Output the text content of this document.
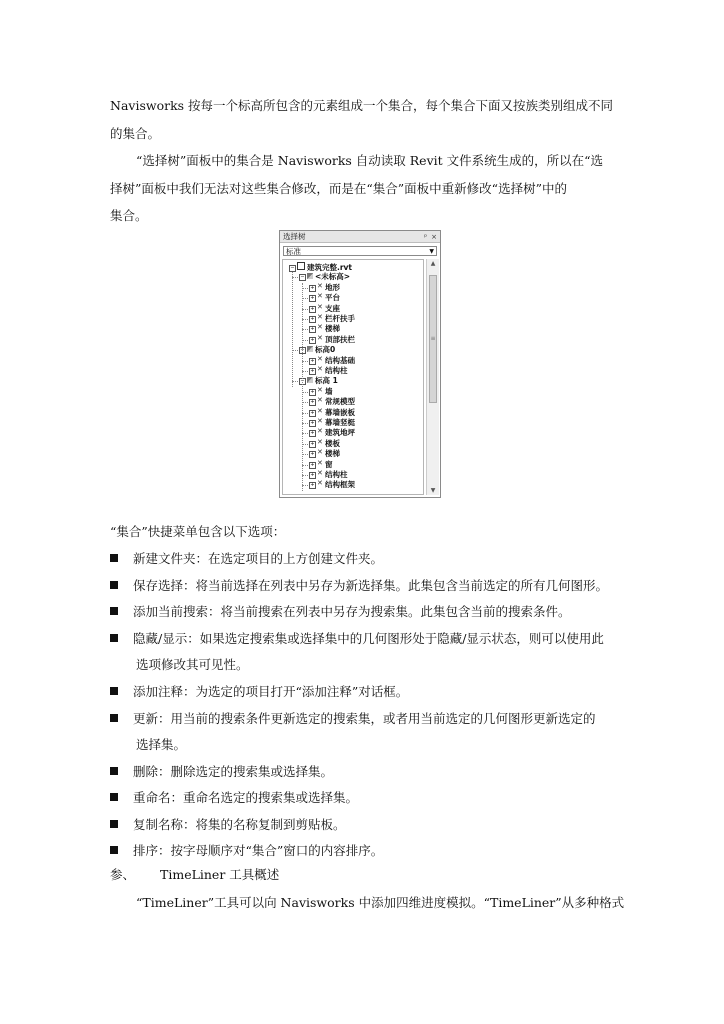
Navisworks 按每一个标高所包含的元素组成一个集合，每个集合下面又按族类别组成不同
的集合。
“选择树”面板中的集合是 Navisworks 自动读取 Revit 文件系统生成的，所以在“选
择树”面板中我们无法对这些集合修改，而是在“集合”面板中重新修改“选择树”中的
集合。
选择树	ᵖ ×
标准	▼
− 建筑完整.rvt
− <未标高>
+ ✕ 地形
+ ✕ 平台
+ ✕ 支座
+ ✕ 栏杆扶手
+ ✕ 楼梯
+ ✕ 顶部扶栏
− 标高0
+ ✕ 结构基础
+ ✕ 结构柱
− 标高 1
+ ✕ 墙
+ ✕ 常规模型
+ ✕ 幕墙嵌板
+ ✕ 幕墙竖梃
+ ✕ 建筑地坪
+ ✕ 楼板
+ ✕ 楼梯
+ ✕ 窗
+ ✕ 结构柱
+ ✕ 结构框架
▲
≡
▼
“集合”快捷菜单包含以下选项：
新建文件夹：在选定项目的上方创建文件夹。
保存选择：将当前选择在列表中另存为新选择集。此集包含当前选定的所有几何图形。
添加当前搜索：将当前搜索在列表中另存为搜索集。此集包含当前的搜索条件。
隐藏/显示：如果选定搜索集或选择集中的几何图形处于隐藏/显示状态，则可以使用此
选项修改其可见性。
添加注释：为选定的项目打开“添加注释”对话框。
更新：用当前的搜索条件更新选定的搜索集，或者用当前选定的几何图形更新选定的
选择集。
删除：删除选定的搜索集或选择集。
重命名：重命名选定的搜索集或选择集。
复制名称：将集的名称复制到剪贴板。
排序：按字母顺序对“集合”窗口的内容排序。
参、 TimeLiner 工具概述
“TimeLiner”工具可以向 Navisworks 中添加四维进度模拟。“TimeLiner”从多种格式
